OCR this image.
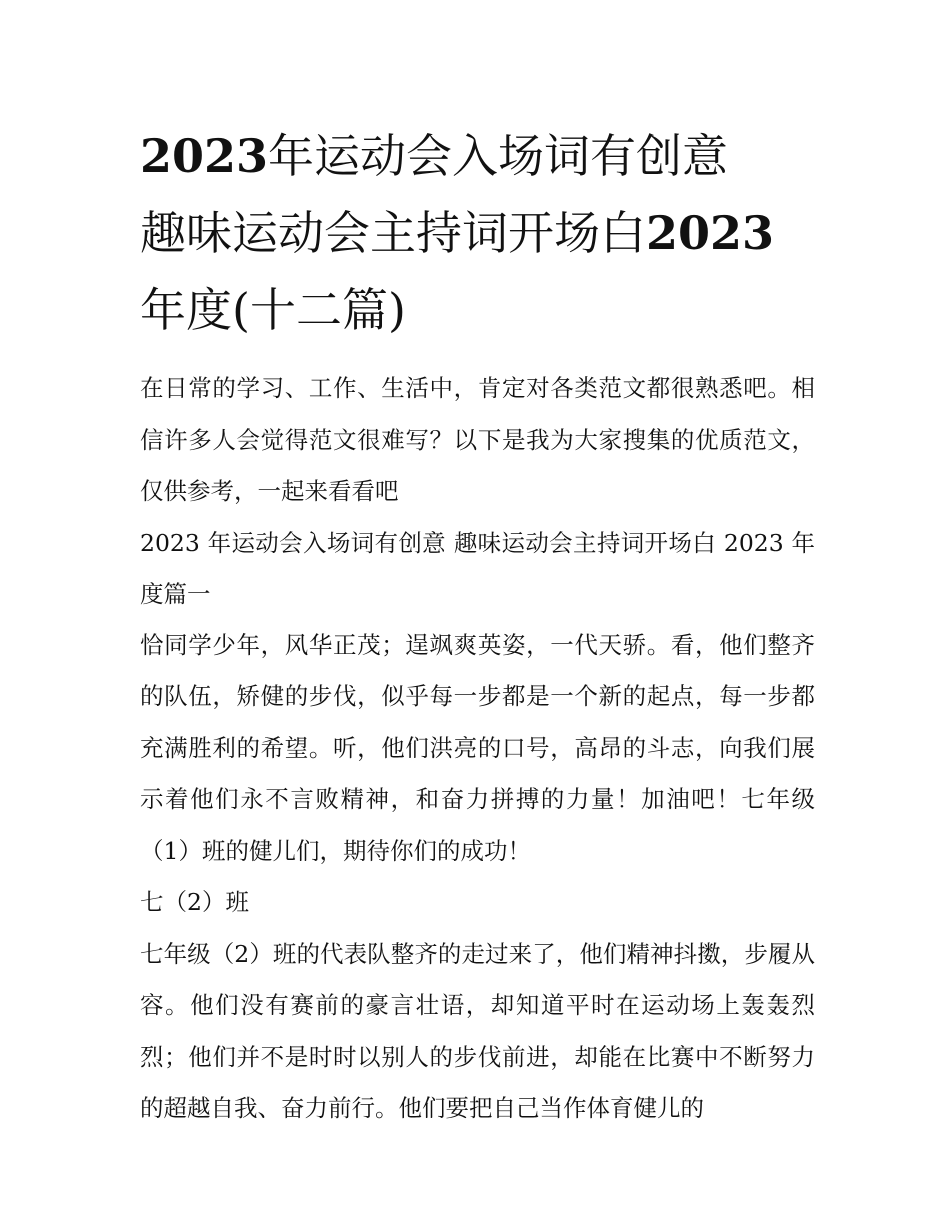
2023年运动会入场词有创意
趣味运动会主持词开场白2023
年度(十二篇)

在日常的学习、工作、生活中，肯定对各类范文都很熟悉吧。相信许多人会觉得范文很难写？以下是我为大家搜集的优质范文，仅供参考，一起来看看吧

2023 年运动会入场词有创意 趣味运动会主持词开场白 2023 年度篇一

恰同学少年，风华正茂；逞飒爽英姿，一代天骄。看，他们整齐的队伍，矫健的步伐，似乎每一步都是一个新的起点，每一步都充满胜利的希望。听，他们洪亮的口号，高昂的斗志，向我们展示着他们永不言败精神，和奋力拼搏的力量！加油吧！七年级（1）班的健儿们，期待你们的成功！

七（2）班

七年级（2）班的代表队整齐的走过来了，他们精神抖擞，步履从容。他们没有赛前的豪言壮语，却知道平时在运动场上轰轰烈烈；他们并不是时时以别人的步伐前进，却能在比赛中不断努力的超越自我、奋力前行。他们要把自己当作体育健儿的
